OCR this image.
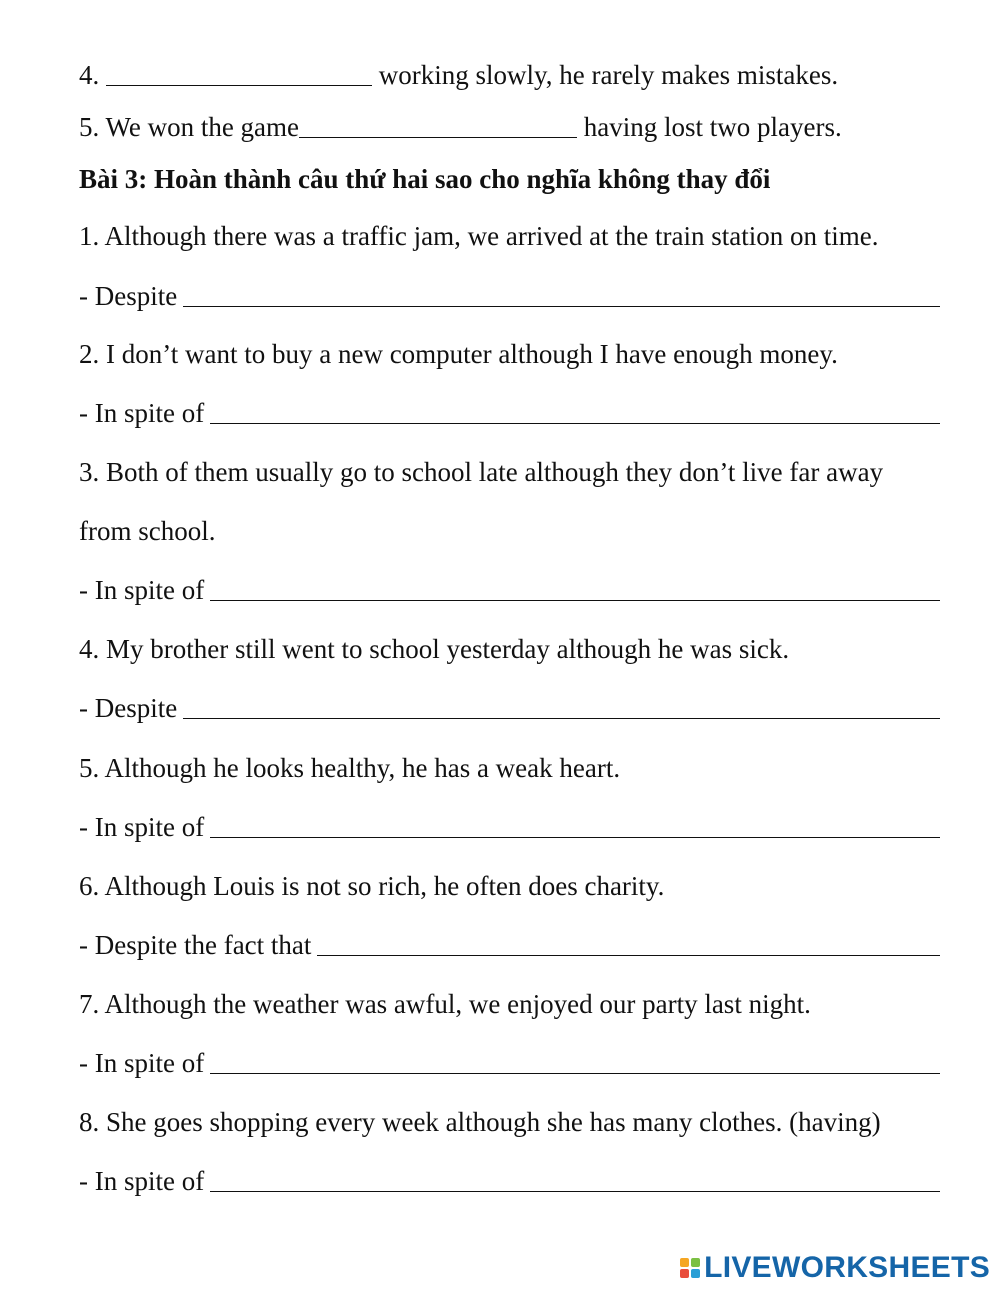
4.	working slowly, he rarely makes mistakes.
5. We won the game	having lost two players.
Bài 3: Hoàn thành câu thứ hai sao cho nghĩa không thay đổi
1. Although there was a traffic jam, we arrived at the train station on time.
- Despite
2. I don’t want to buy a new computer although I have enough money.
- In spite of
3. Both of them usually go to school late although they don’t live far away
from school.
- In spite of
4. My brother still went to school yesterday although he was sick.
- Despite
5. Although he looks healthy, he has a weak heart.
- In spite of
6. Although Louis is not so rich, he often does charity.
- Despite the fact that
7. Although the weather was awful, we enjoyed our party last night.
- In spite of
8. She goes shopping every week although she has many clothes. (having)
- In spite of
LIVEWORKSHEETS
